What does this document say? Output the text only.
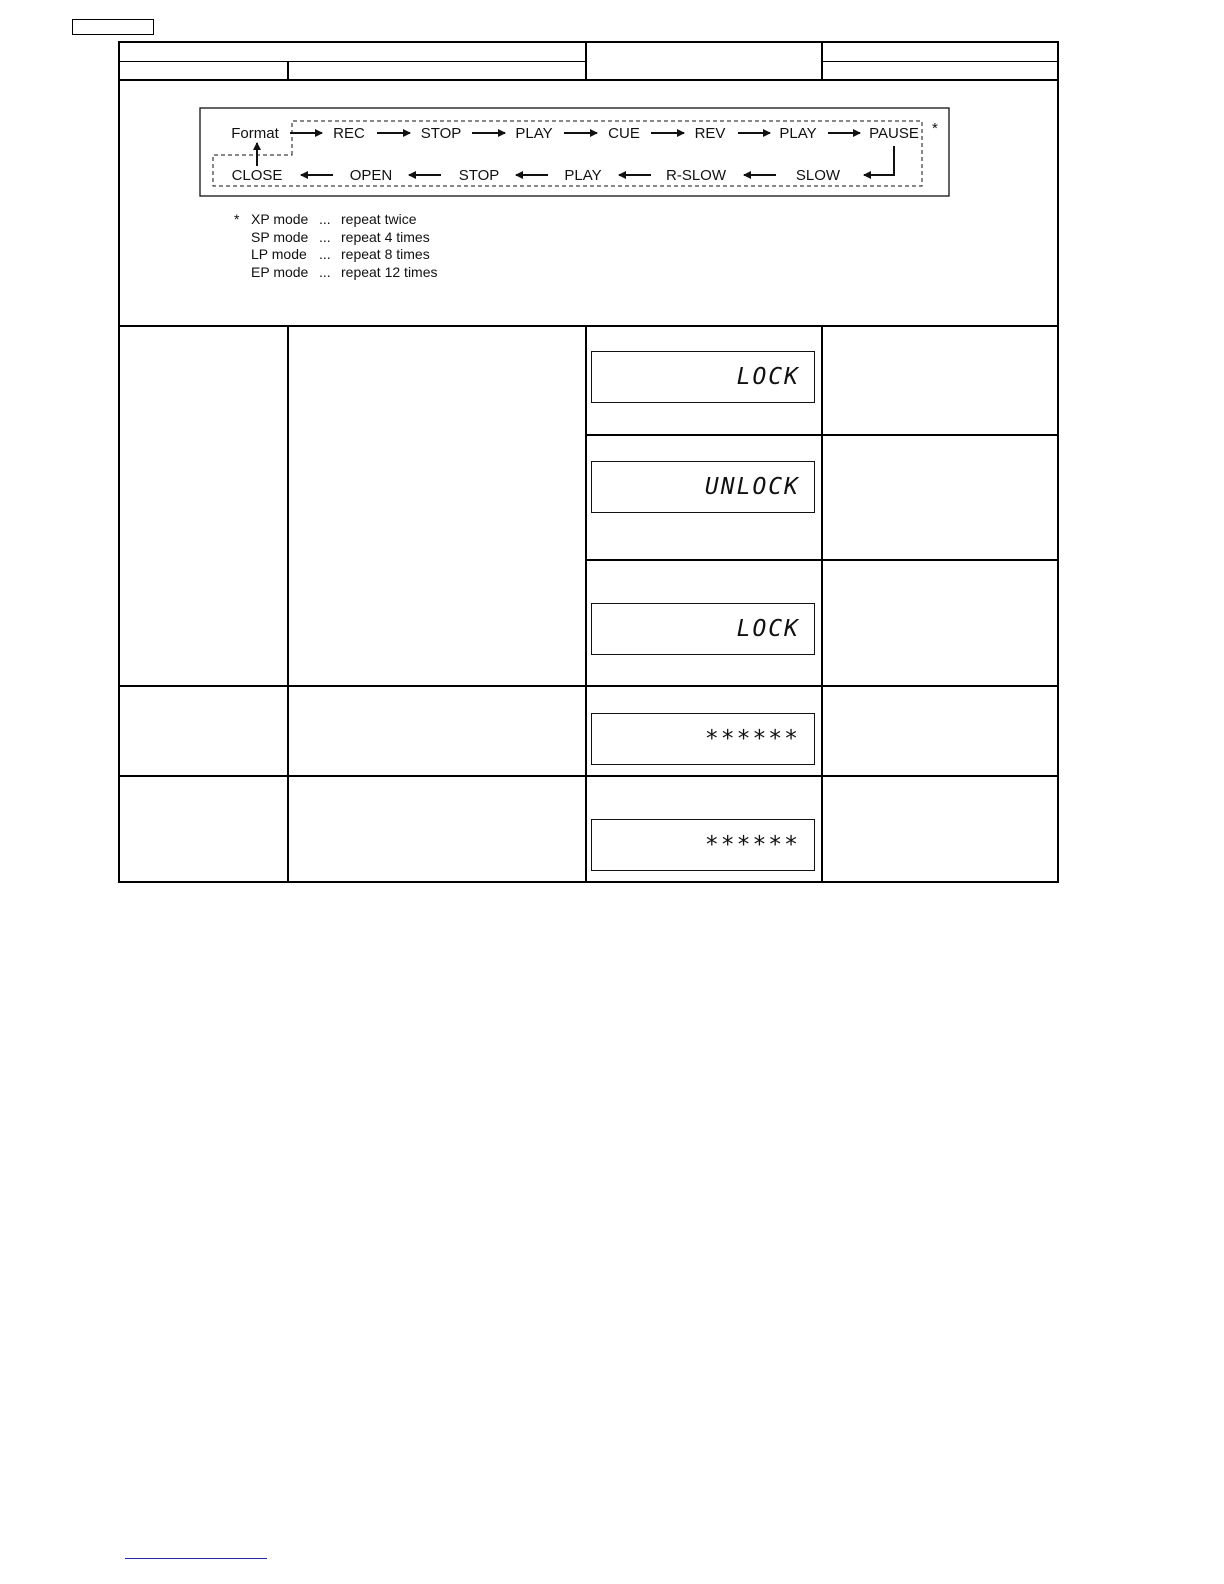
Format	REC	STOP	PLAY	CUE	REV	PLAY	PAUSE *
CLOSE	OPEN	STOP	PLAY	R-SLOW	SLOW
* XP mode ... repeat twice
SP mode ... repeat 4 times
LP mode ... repeat 8 times
EP mode ... repeat 12 times
LOCK
UNLOCK
LOCK
******
******
